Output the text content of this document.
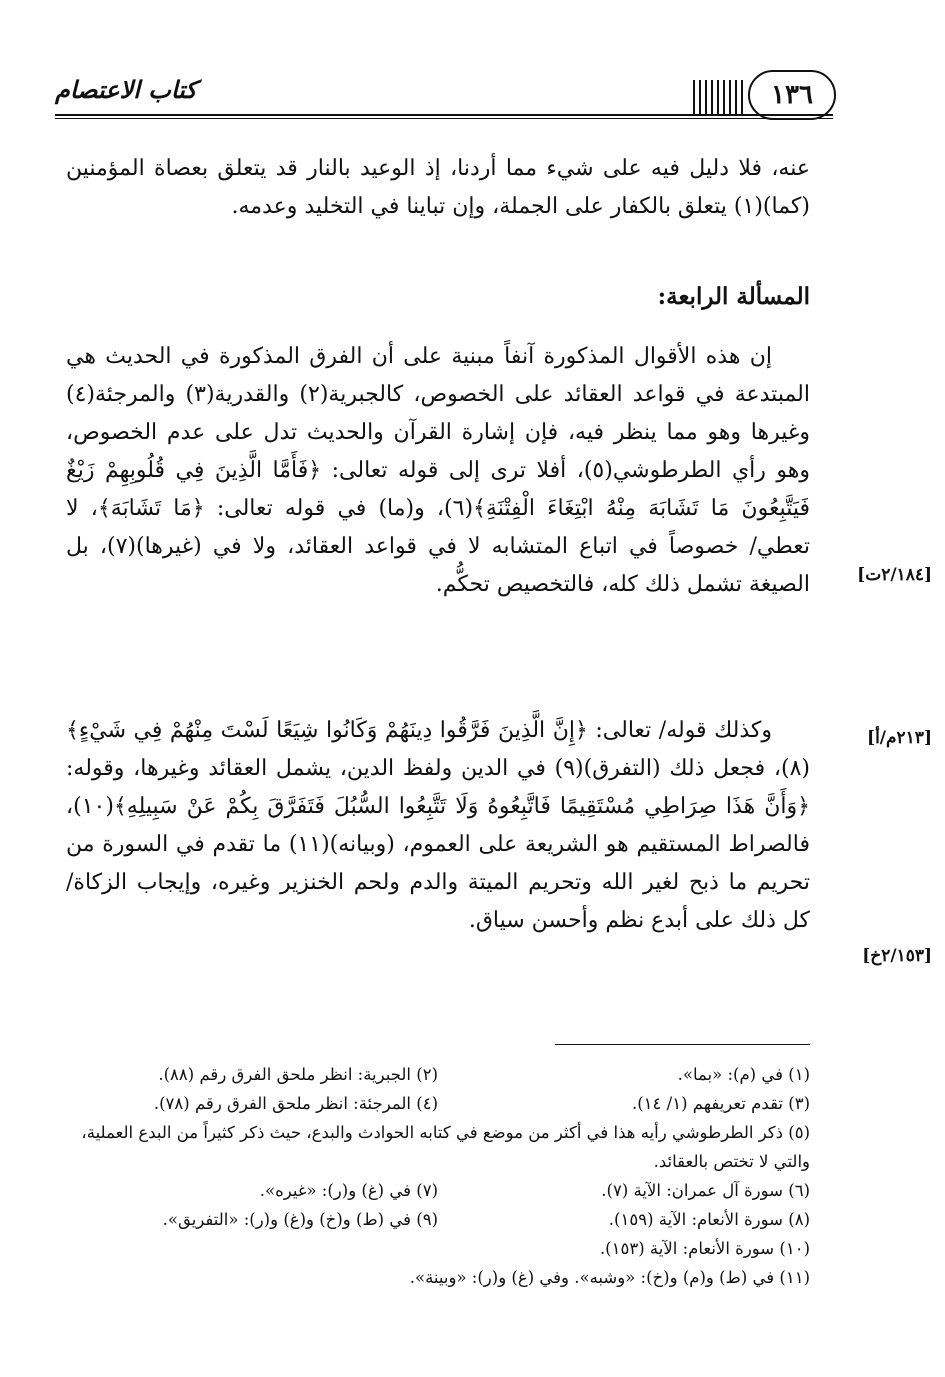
كتاب الاعتصام	١٣٦
عنه، فلا دليل فيه على شيء مما أردنا، إذ الوعيد بالنار قد يتعلق بعصاة المؤمنين (كما)(١) يتعلق بالكفار على الجملة، وإن تباينا في التخليد وعدمه.
المسألة الرابعة:
إن هذه الأقوال المذكورة آنفاً مبنية على أن الفرق المذكورة في الحديث هي المبتدعة في قواعد العقائد على الخصوص، كالجبرية(٢) والقدرية(٣) والمرجئة(٤) وغيرها وهو مما ينظر فيه، فإن إشارة القرآن والحديث تدل على عدم الخصوص، وهو رأي الطرطوشي(٥)، أفلا ترى إلى قوله تعالى: ﴿فَأَمَّا الَّذِينَ فِي قُلُوبِهِمْ زَيْغٌ فَيَتَّبِعُونَ مَا تَشَابَهَ مِنْهُ ابْتِغَاءَ الْفِتْنَةِ﴾(٦)، و(ما) في قوله تعالى: ﴿مَا تَشَابَهَ﴾، لا تعطي/ خصوصاً في اتباع المتشابه لا في قواعد العقائد، ولا في (غيرها)(٧)، بل الصيغة تشمل ذلك كله، فالتخصيص تحكُّم.
وكذلك قوله/ تعالى: ﴿إِنَّ الَّذِينَ فَرَّقُوا دِينَهُمْ وَكَانُوا شِيَعًا لَسْتَ مِنْهُمْ فِي شَيْءٍ﴾(٨)، فجعل ذلك (التفرق)(٩) في الدين ولفظ الدين، يشمل العقائد وغيرها، وقوله: ﴿وَأَنَّ هَذَا صِرَاطِي مُسْتَقِيمًا فَاتَّبِعُوهُ وَلَا تَتَّبِعُوا السُّبُلَ فَتَفَرَّقَ بِكُمْ عَنْ سَبِيلِهِ﴾(١٠)، فالصراط المستقيم هو الشريعة على العموم، (وبيانه)(١١) ما تقدم في السورة من تحريم ما ذبح لغير الله وتحريم الميتة والدم ولحم الخنزير وغيره، وإيجاب الزكاة/ كل ذلك على أبدع نظم وأحسن سياق.
[٢/١٨٤ت]
[٢١٣م/أ]
[٢/١٥٣خ]
(١) في (م): «بما».
(٢) الجبرية: انظر ملحق الفرق رقم (٨٨).
(٣) تقدم تعريفهم (١/ ١٤).
(٤) المرجئة: انظر ملحق الفرق رقم (٧٨).
(٥) ذكر الطرطوشي رأيه هذا في أكثر من موضع في كتابه الحوادث والبدع، حيث ذكر كثيراً من البدع العملية، والتي لا تختص بالعقائد.
(٦) سورة آل عمران: الآية (٧).
(٧) في (غ) و(ر): «غيره».
(٨) سورة الأنعام: الآية (١٥٩).
(٩) في (ط) و(خ) و(غ) و(ر): «التفريق».
(١٠) سورة الأنعام: الآية (١٥٣).
(١١) في (ط) و(م) و(خ): «وشبه». وفي (غ) و(ر): «وبينة».
